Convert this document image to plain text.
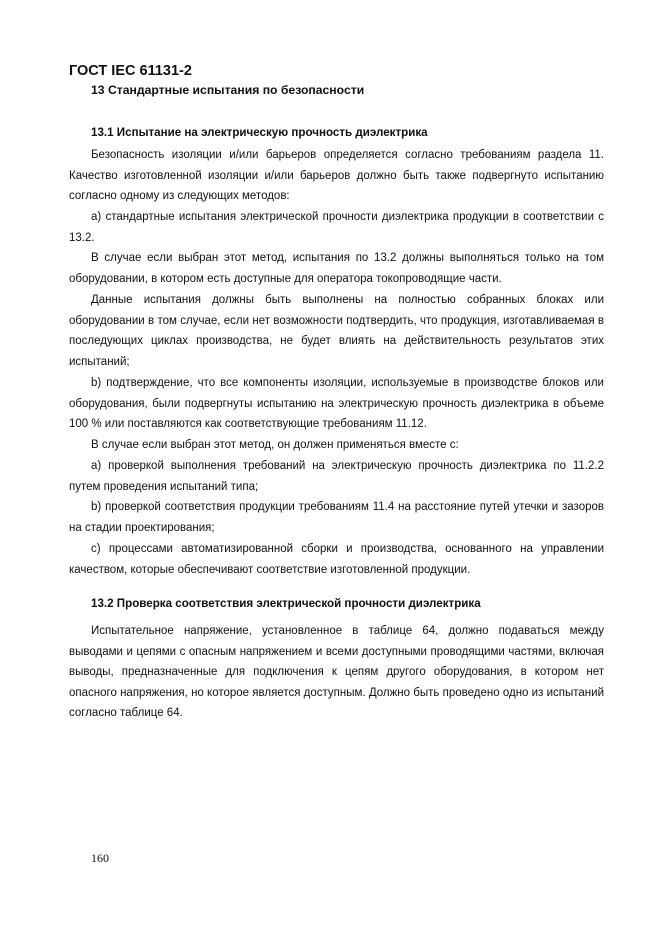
ГОСТ IEC 61131-2
13 Стандартные испытания по безопасности
13.1 Испытание на электрическую прочность диэлектрика
Безопасность изоляции и/или барьеров определяется согласно требованиям раздела 11. Качество изготовленной изоляции и/или барьеров должно быть также подвергнуто испытанию согласно одному из следующих методов:
а) стандартные испытания электрической прочности диэлектрика продукции в соответствии с 13.2.
В случае если выбран этот метод, испытания по 13.2 должны выполняться только на том оборудовании, в котором есть доступные для оператора токопроводящие части.
Данные испытания должны быть выполнены на полностью собранных блоках или оборудовании в том случае, если нет возможности подтвердить, что продукция, изготавливаемая в последующих циклах производства, не будет влиять на действительность результатов этих испытаний;
b) подтверждение, что все компоненты изоляции, используемые в производстве блоков или оборудования, были подвергнуты испытанию на электрическую прочность диэлектрика в объеме 100 % или поставляются как соответствующие требованиям 11.12.
В случае если выбран этот метод, он должен применяться вместе с:
а) проверкой выполнения требований на электрическую прочность диэлектрика по 11.2.2 путем проведения испытаний типа;
b) проверкой соответствия продукции требованиям 11.4 на расстояние путей утечки и зазоров на стадии проектирования;
с) процессами автоматизированной сборки и производства, основанного на управлении качеством, которые обеспечивают соответствие изготовленной продукции.
13.2 Проверка соответствия электрической прочности диэлектрика
Испытательное напряжение, установленное в таблице 64, должно подаваться между выводами и цепями с опасным напряжением и всеми доступными проводящими частями, включая выводы, предназначенные для подключения к цепям другого оборудования, в котором нет опасного напряжения, но которое является доступным. Должно быть проведено одно из испытаний согласно таблице 64.
160
